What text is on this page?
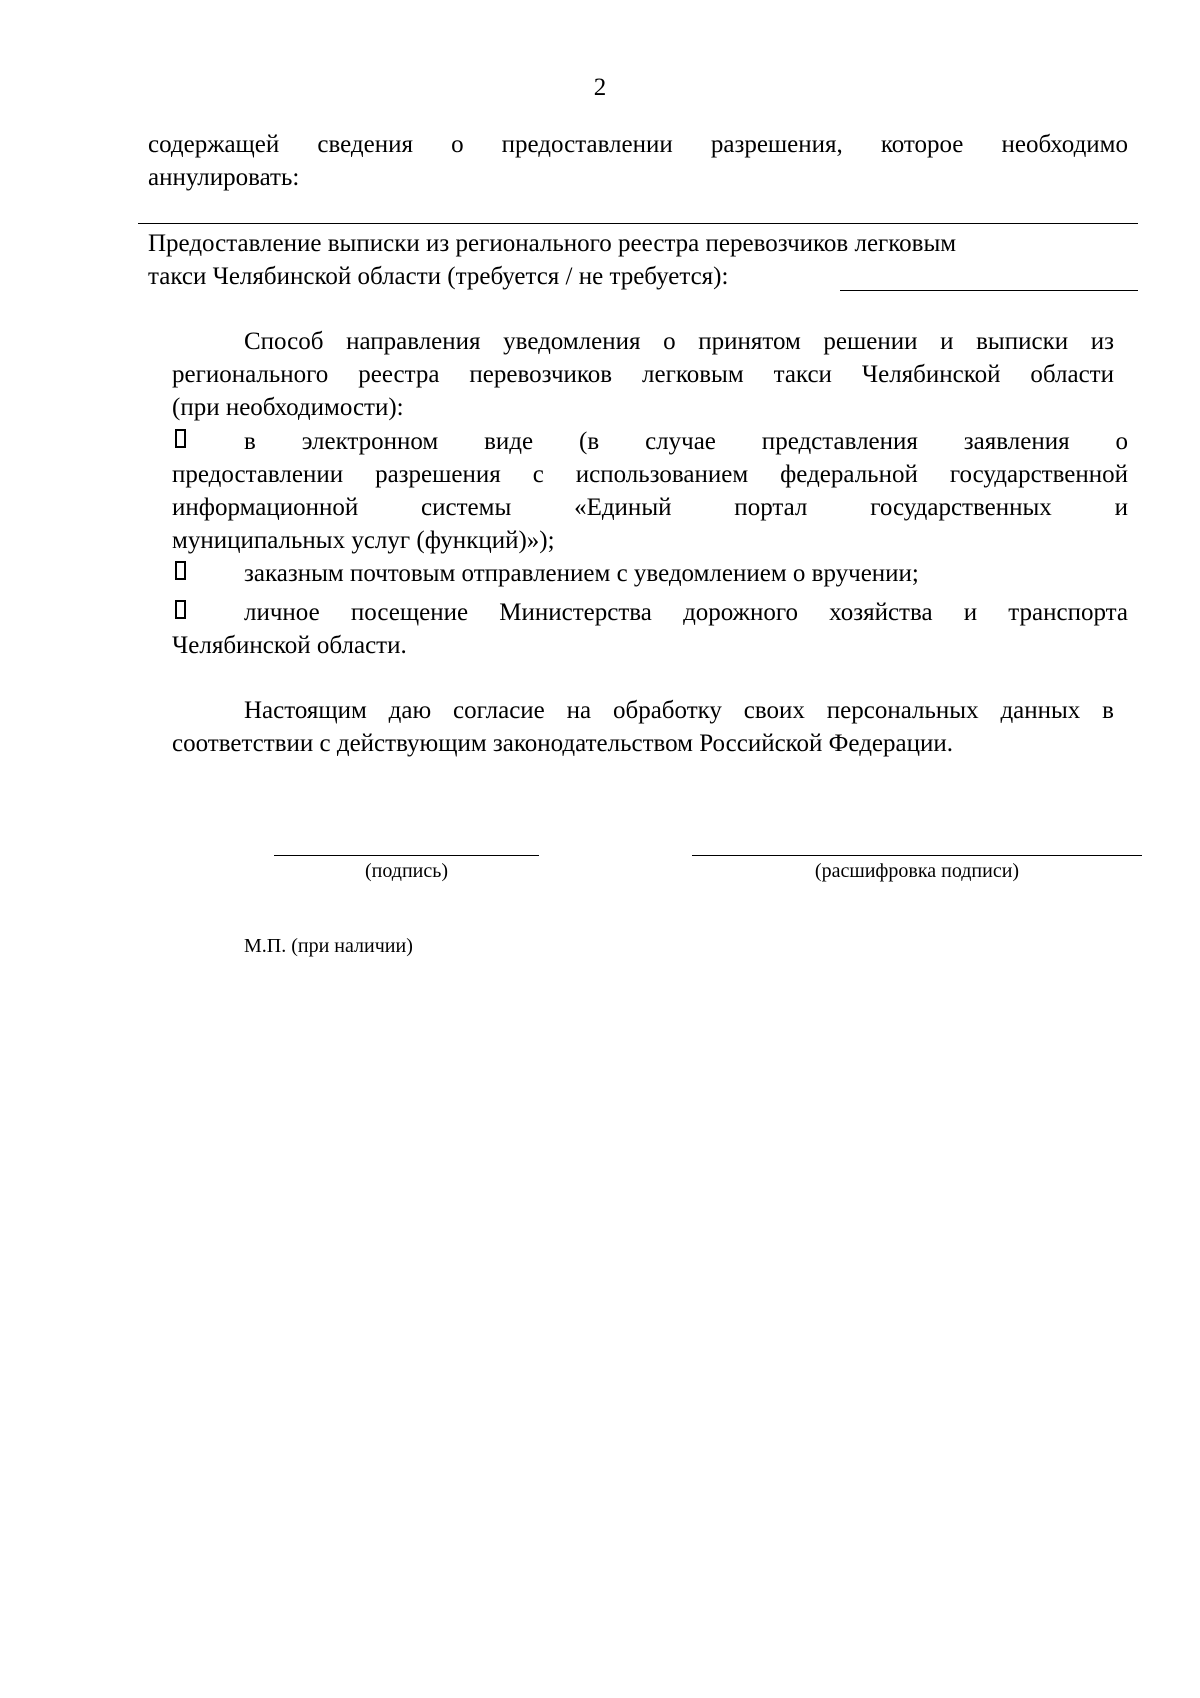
2
содержащей сведения о предоставлении разрешения, которое необходимо
аннулировать:
Предоставление выписки из регионального реестра перевозчиков легковым
такси Челябинской области (требуется / не требуется):
Способ направления уведомления о принятом решении и выписки из
регионального реестра перевозчиков легковым такси Челябинской области
(при необходимости):
в электронном виде (в случае представления заявления о
предоставлении разрешения с использованием федеральной государственной
информационной системы «Единый портал государственных и
муниципальных услуг (функций)»);
заказным почтовым отправлением с уведомлением о вручении;
личное посещение Министерства дорожного хозяйства и транспорта
Челябинской области.
Настоящим даю согласие на обработку своих персональных данных в
соответствии с действующим законодательством Российской Федерации.
(подпись)	(расшифровка подписи)
М.П. (при наличии)
